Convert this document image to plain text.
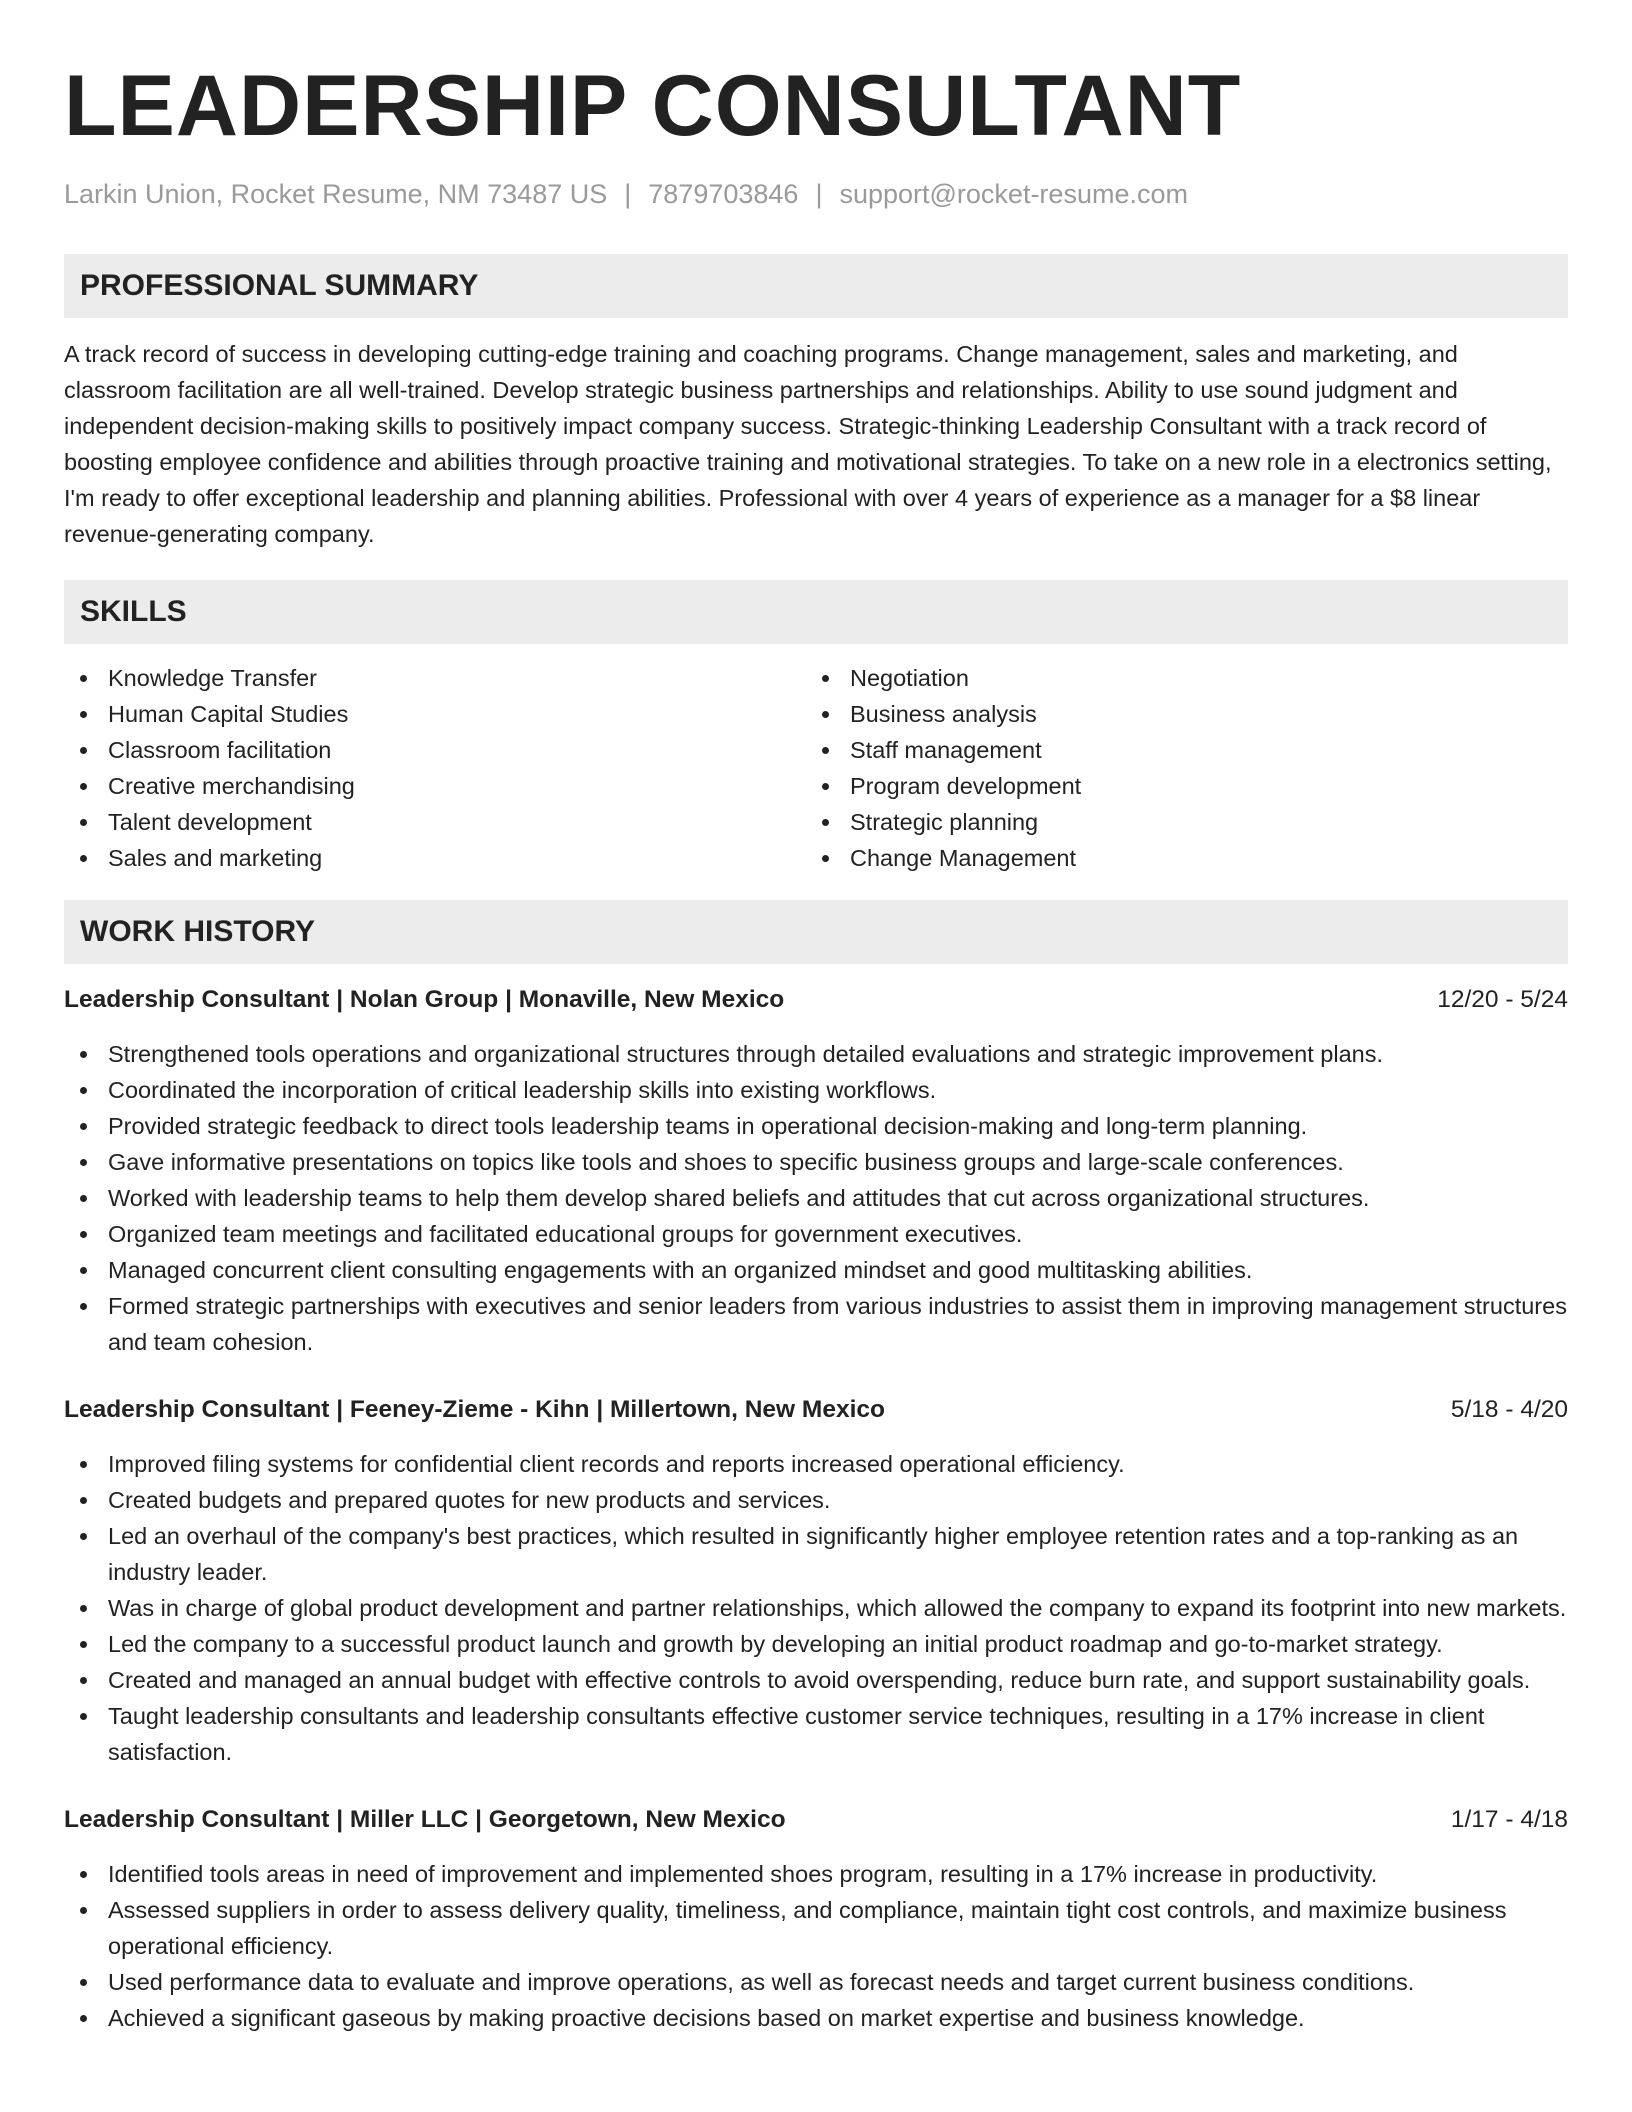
LEADERSHIP CONSULTANT
Larkin Union, Rocket Resume, NM 73487 US | 7879703846 | support@rocket-resume.com
PROFESSIONAL SUMMARY

A track record of success in developing cutting-edge training and coaching programs. Change management, sales and marketing, and classroom facilitation are all well-trained. Develop strategic business partnerships and relationships. Ability to use sound judgment and independent decision-making skills to positively impact company success. Strategic-thinking Leadership Consultant with a track record of boosting employee confidence and abilities through proactive training and motivational strategies. To take on a new role in a electronics setting, I'm ready to offer exceptional leadership and planning abilities. Professional with over 4 years of experience as a manager for a $8 linear revenue-generating company.

SKILLS
Knowledge Transfer
Human Capital Studies
Classroom facilitation
Creative merchandising
Talent development
Sales and marketing
Negotiation
Business analysis
Staff management
Program development
Strategic planning
Change Management
WORK HISTORY
Leadership Consultant | Nolan Group | Monaville, New Mexico	12/20 - 5/24
Strengthened tools operations and organizational structures through detailed evaluations and strategic improvement plans.
Coordinated the incorporation of critical leadership skills into existing workflows.
Provided strategic feedback to direct tools leadership teams in operational decision-making and long-term planning.
Gave informative presentations on topics like tools and shoes to specific business groups and large-scale conferences.
Worked with leadership teams to help them develop shared beliefs and attitudes that cut across organizational structures.
Organized team meetings and facilitated educational groups for government executives.
Managed concurrent client consulting engagements with an organized mindset and good multitasking abilities.
Formed strategic partnerships with executives and senior leaders from various industries to assist them in improving management structures and team cohesion.
Leadership Consultant | Feeney-Zieme - Kihn | Millertown, New Mexico	5/18 - 4/20
Improved filing systems for confidential client records and reports increased operational efficiency.
Created budgets and prepared quotes for new products and services.
Led an overhaul of the company's best practices, which resulted in significantly higher employee retention rates and a top-ranking as an industry leader.
Was in charge of global product development and partner relationships, which allowed the company to expand its footprint into new markets.
Led the company to a successful product launch and growth by developing an initial product roadmap and go-to-market strategy.
Created and managed an annual budget with effective controls to avoid overspending, reduce burn rate, and support sustainability goals.
Taught leadership consultants and leadership consultants effective customer service techniques, resulting in a 17% increase in client satisfaction.
Leadership Consultant | Miller LLC | Georgetown, New Mexico	1/17 - 4/18
Identified tools areas in need of improvement and implemented shoes program, resulting in a 17% increase in productivity.
Assessed suppliers in order to assess delivery quality, timeliness, and compliance, maintain tight cost controls, and maximize business operational efficiency.
Used performance data to evaluate and improve operations, as well as forecast needs and target current business conditions.
Achieved a significant gaseous by making proactive decisions based on market expertise and business knowledge.
